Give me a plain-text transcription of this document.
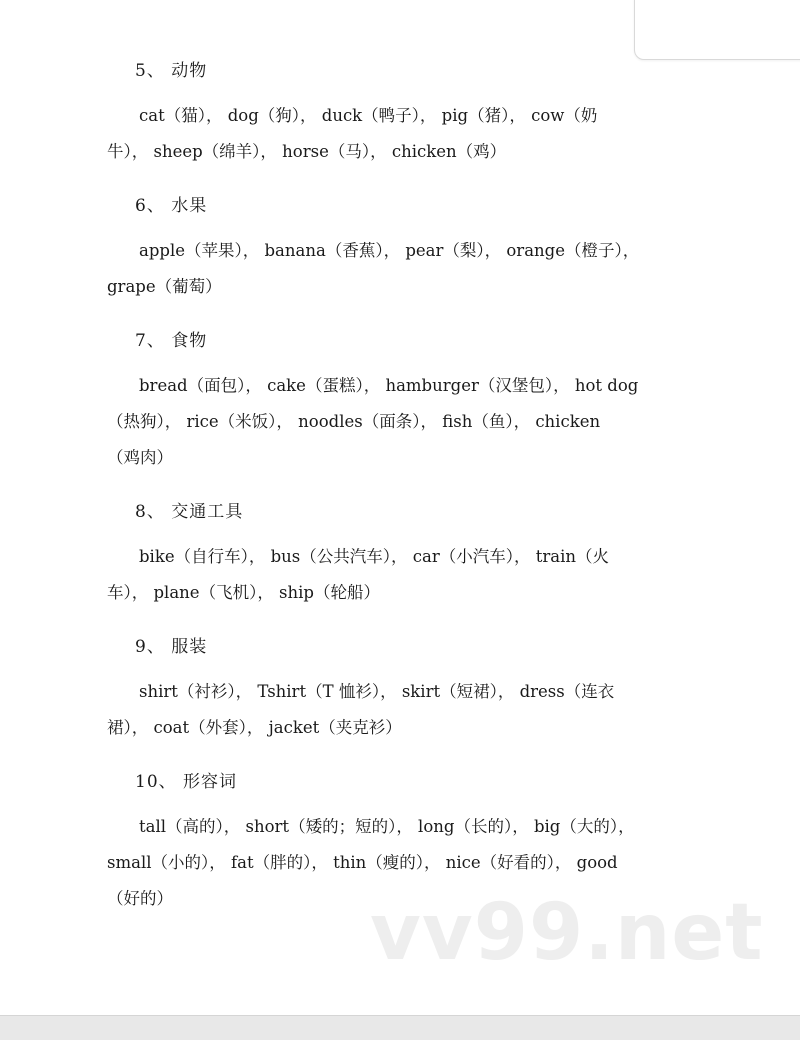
5、 动物
cat（猫）， dog（狗）， duck（鸭子）， pig（猪）， cow（奶
牛）， sheep（绵羊）， horse（马）， chicken（鸡）
6、 水果
apple（苹果）， banana（香蕉）， pear（梨）， orange（橙子），
grape（葡萄）
7、 食物
bread（面包）， cake（蛋糕）， hamburger（汉堡包）， hot dog
（热狗）， rice（米饭）， noodles（面条）， fish（鱼）， chicken
（鸡肉）
8、 交通工具
bike（自行车）， bus（公共汽车）， car（小汽车）， train（火
车）， plane（飞机）， ship（轮船）
9、 服装
shirt（衬衫）， Tshirt（T 恤衫）， skirt（短裙）， dress（连衣
裙）， coat（外套）， jacket（夹克衫）
10、 形容词
tall（高的）， short（矮的；短的）， long（长的）， big（大的），
small（小的）， fat（胖的）， thin（瘦的）， nice（好看的）， good
（好的）	vv99.net
